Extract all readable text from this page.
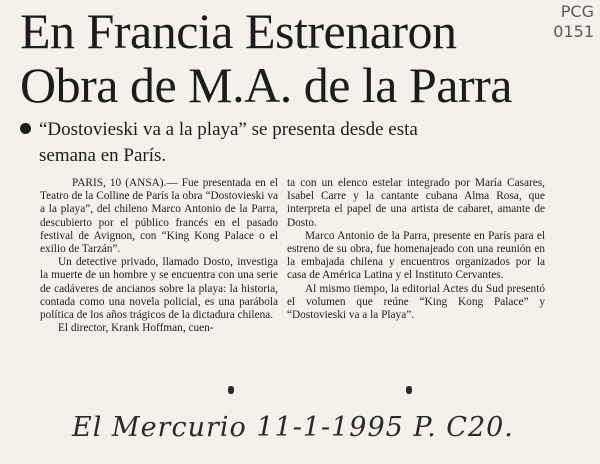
PCG
0151
En Francia Estrenaron
Obra de M.A. de la Parra
“Dostovieski va a la playa” se presenta desde esta
semana en París.

PARIS, 10 (ANSA).— Fue presentada en el Teatro de la Colline de París la obra “Dostovieski va a la playa”, del chileno Marco Antonio de la Parra, descubierto por el público francés en el pasado festival de Avignon, con “King Kong Palace o el exilio de Tarzán”.

Un detective privado, llamado Dosto, investiga la muerte de un hombre y se encuentra con una serie de cadáveres de ancianos sobre la playa: la historia, contada como una novela policial, es una parábola política de los años trágicos de la dictadura chilena.

El director, Krank Hoffman, cuen-

ta con un elenco estelar integrado por María Casares, Isabel Carre y la cantante cubana Alma Rosa, que interpreta el papel de una artista de cabaret, amante de Dosto.

Marco Antonio de la Parra, presente en París para el estreno de su obra, fue homenajeado con una reunión en la embajada chilena y encuentros organizados por la casa de América Latina y el Instituto Cervantes.

Al mismo tiempo, la editorial Actes du Sud presentó el volumen que reúne “King Kong Palace” y “Dostovieski va a la Playa”.

El Mercurio 11-1-1995 P. C20.
